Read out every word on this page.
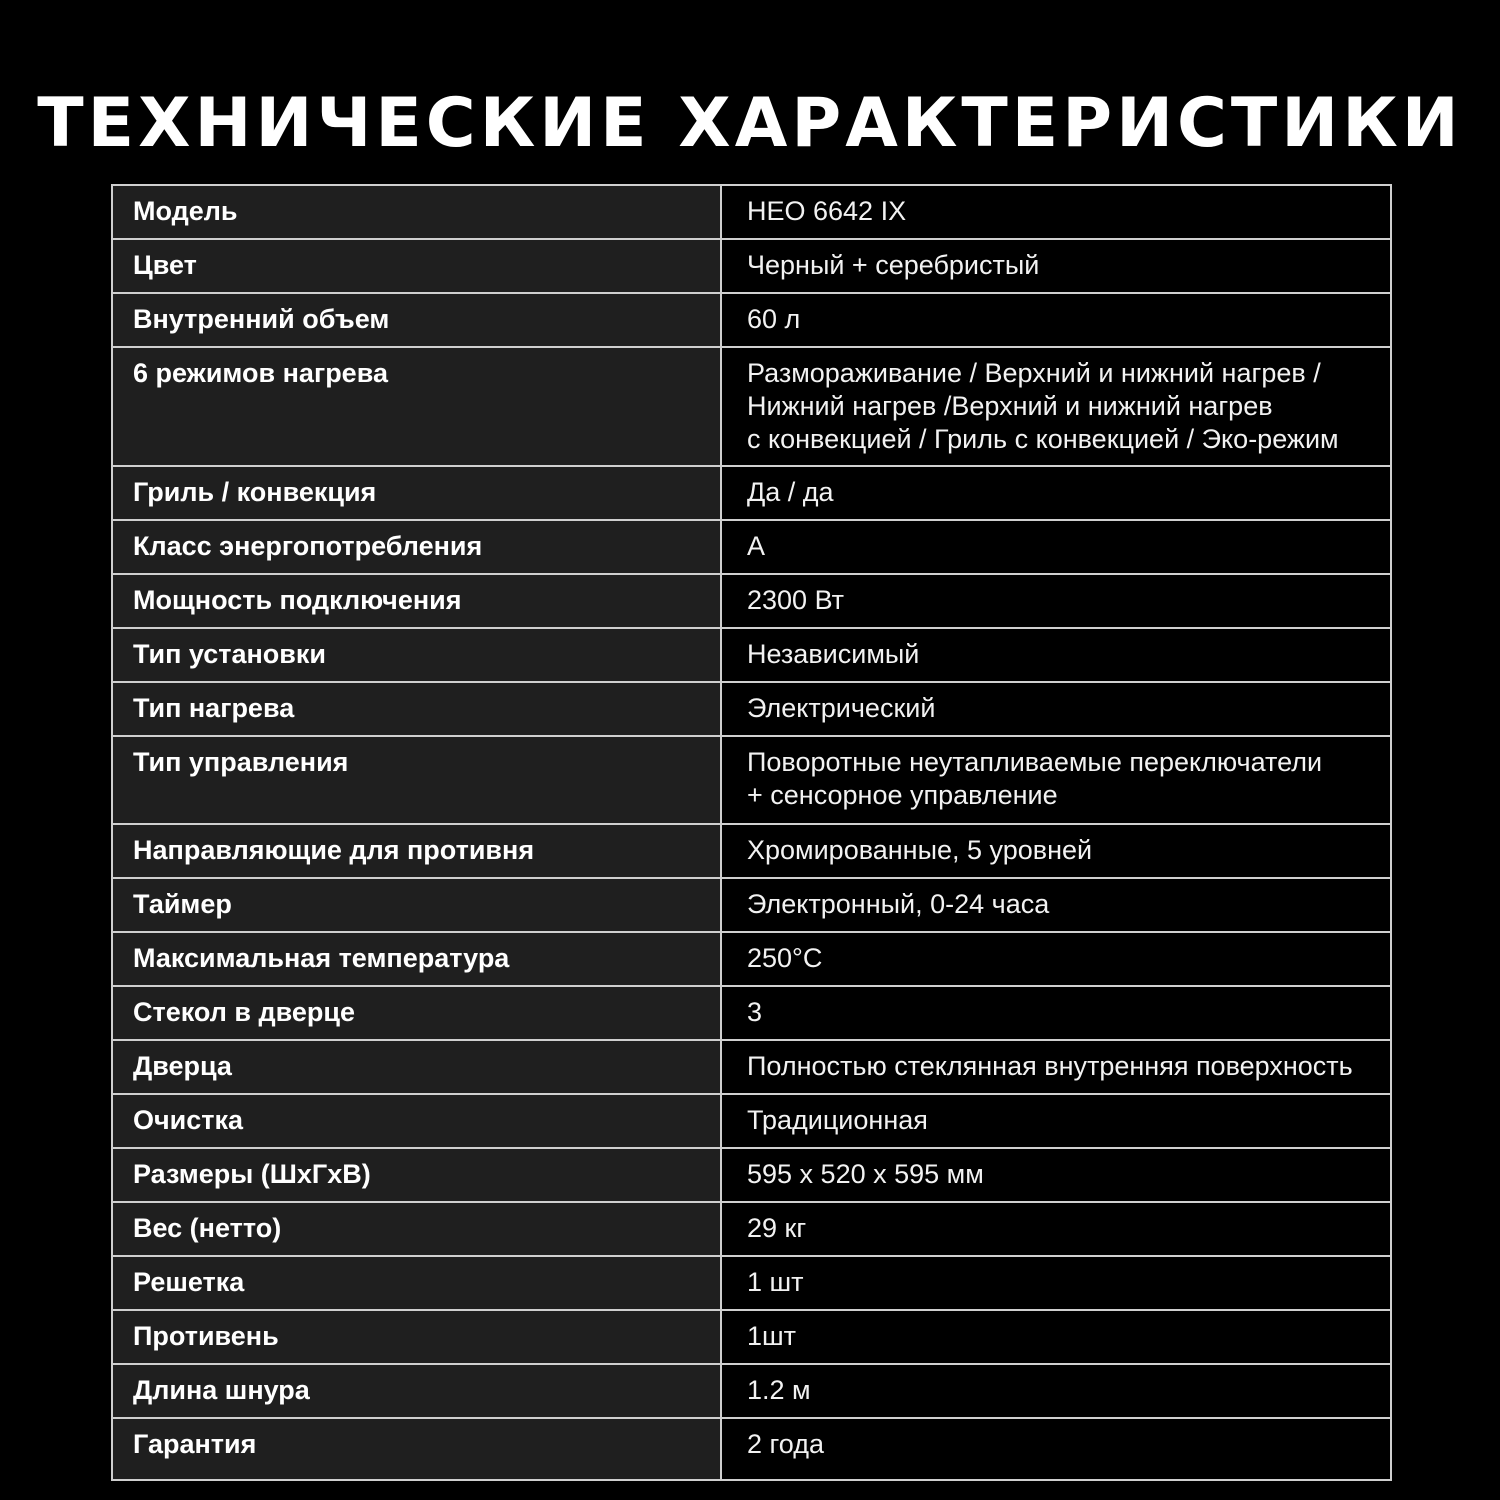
ТЕХНИЧЕСКИЕ ХАРАКТЕРИСТИКИ
Модель	HEO 6642 IX
Цвет	Черный + серебристый
Внутренний объем	60 л
6 режимов нагрева	Размораживание / Верхний и нижний нагрев /
Нижний нагрев /Верхний и нижний нагрев
с конвекцией / Гриль с конвекцией / Эко-режим
Гриль / конвекция	Да / да
Класс энергопотребления	А
Мощность подключения	2300 Вт
Тип установки	Независимый
Тип нагрева	Электрический
Тип управления	Поворотные неутапливаемые переключатели
+ сенсорное управление
Направляющие для противня	Хромированные, 5 уровней
Таймер	Электронный, 0-24 часа
Максимальная температура	250°С
Стекол в дверце	3
Дверца	Полностью стеклянная внутренняя поверхность
Очистка	Традиционная
Размеры (ШхГхВ)	595 х 520 х 595 мм
Вес (нетто)	29 кг
Решетка	1 шт
Противень	1шт
Длина шнура	1.2 м
Гарантия	2 года
